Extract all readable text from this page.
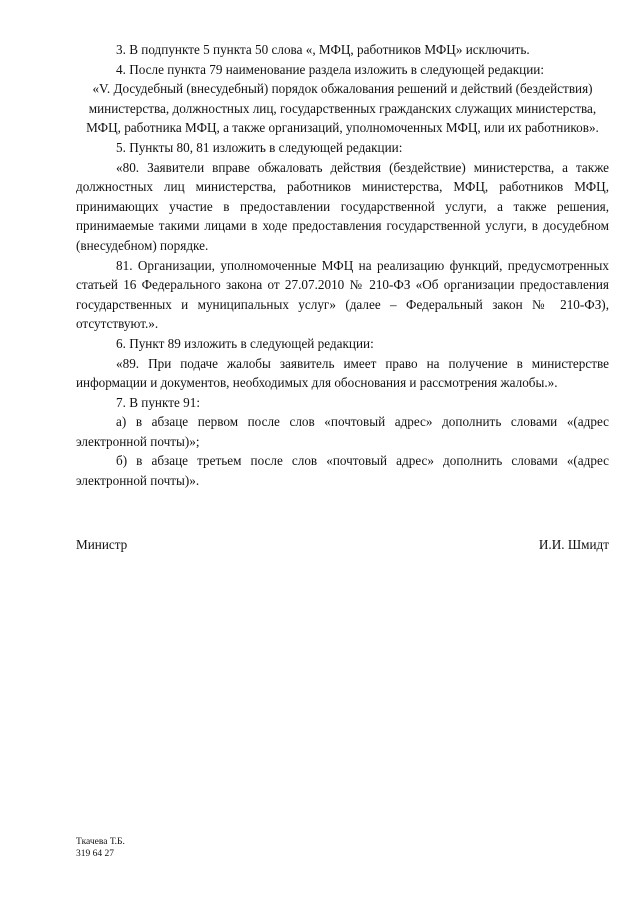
3. В подпункте 5 пункта 50 слова «, МФЦ, работников МФЦ» исключить.

4. После пункта 79 наименование раздела изложить в следующей редакции:

«V. Досудебный (внесудебный) порядок обжалования решений и действий (бездействия) министерства, должностных лиц, государственных гражданских служащих министерства, МФЦ, работника МФЦ, а также организаций, уполномоченных МФЦ, или их работников».

5. Пункты 80, 81 изложить в следующей редакции:

«80. Заявители вправе обжаловать действия (бездействие) министерства, а также должностных лиц министерства, работников министерства, МФЦ, работников МФЦ, принимающих участие в предоставлении государственной услуги, а также решения, принимаемые такими лицами в ходе предоставления государственной услуги, в досудебном (внесудебном) порядке.

81. Организации, уполномоченные МФЦ на реализацию функций, предусмотренных статьей 16 Федерального закона от 27.07.2010 № 210-ФЗ «Об организации предоставления государственных и муниципальных услуг» (далее – Федеральный закон № 210-ФЗ), отсутствуют.».

6. Пункт 89 изложить в следующей редакции:

«89. При подаче жалобы заявитель имеет право на получение в министерстве информации и документов, необходимых для обоснования и рассмотрения жалобы.».

7. В пункте 91:

а) в абзаце первом после слов «почтовый адрес» дополнить словами «(адрес электронной почты)»;

б) в абзаце третьем после слов «почтовый адрес» дополнить словами «(адрес электронной почты)».

Министр	И.И. Шмидт
Ткачева Т.Б.
319 64 27
